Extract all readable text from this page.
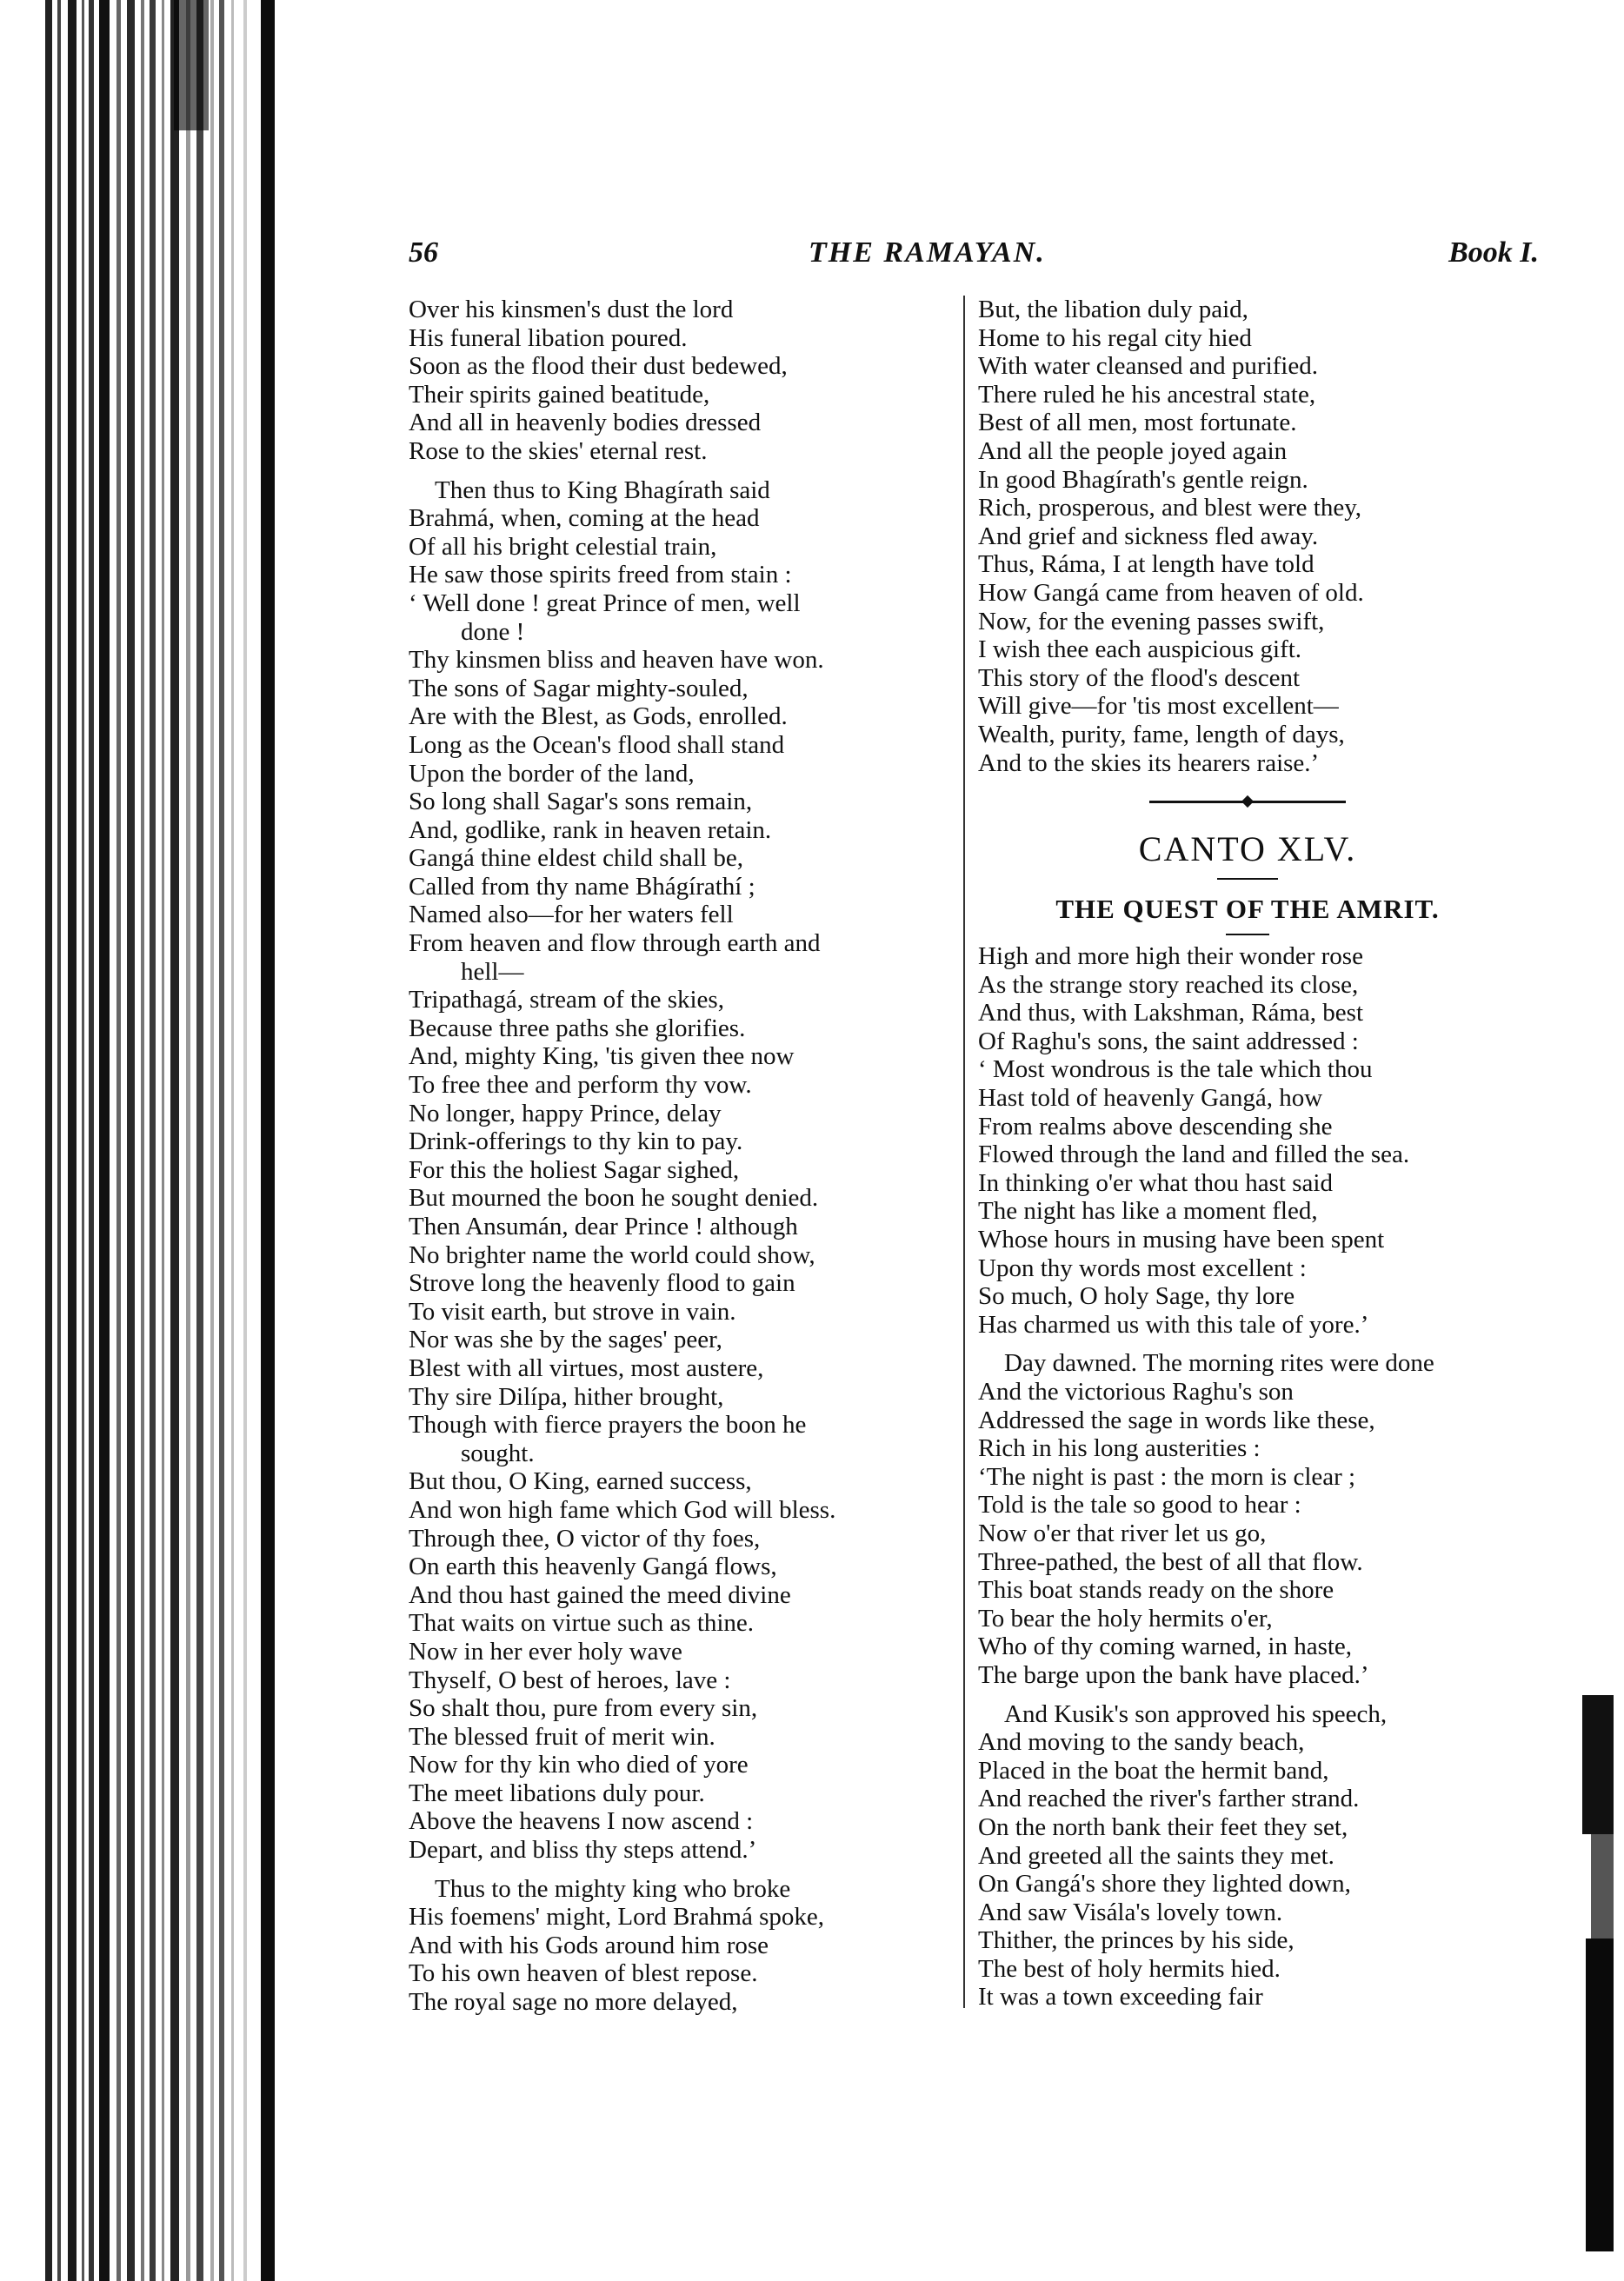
56	THE RAMAYAN.	Book I.
Over his kinsmen's dust the lord
His funeral libation poured.
Soon as the flood their dust bedewed,
Their spirits gained beatitude,
And all in heavenly bodies dressed
Rose to the skies' eternal rest.
Then thus to King Bhagírath said
Brahmá, when, coming at the head
Of all his bright celestial train,
He saw those spirits freed from stain :
‘ Well done ! great Prince of men, well
done !
Thy kinsmen bliss and heaven have won.
The sons of Sagar mighty-souled,
Are with the Blest, as Gods, enrolled.
Long as the Ocean's flood shall stand
Upon the border of the land,
So long shall Sagar's sons remain,
And, godlike, rank in heaven retain.
Gangá thine eldest child shall be,
Called from thy name Bhágírathí ;
Named also—for her waters fell
From heaven and flow through earth and
hell—
Tripathagá, stream of the skies,
Because three paths she glorifies.
And, mighty King, 'tis given thee now
To free thee and perform thy vow.
No longer, happy Prince, delay
Drink-offerings to thy kin to pay.
For this the holiest Sagar sighed,
But mourned the boon he sought denied.
Then Ansumán, dear Prince ! although
No brighter name the world could show,
Strove long the heavenly flood to gain
To visit earth, but strove in vain.
Nor was she by the sages' peer,
Blest with all virtues, most austere,
Thy sire Dilípa, hither brought,
Though with fierce prayers the boon he
sought.
But thou, O King, earned success,
And won high fame which God will bless.
Through thee, O victor of thy foes,
On earth this heavenly Gangá flows,
And thou hast gained the meed divine
That waits on virtue such as thine.
Now in her ever holy wave
Thyself, O best of heroes, lave :
So shalt thou, pure from every sin,
The blessed fruit of merit win.
Now for thy kin who died of yore
The meet libations duly pour.
Above the heavens I now ascend :
Depart, and bliss thy steps attend.’
Thus to the mighty king who broke
His foemens' might, Lord Brahmá spoke,
And with his Gods around him rose
To his own heaven of blest repose.
The royal sage no more delayed,
But, the libation duly paid,
Home to his regal city hied
With water cleansed and purified.
There ruled he his ancestral state,
Best of all men, most fortunate.
And all the people joyed again
In good Bhagírath's gentle reign.
Rich, prosperous, and blest were they,
And grief and sickness fled away.
Thus, Ráma, I at length have told
How Gangá came from heaven of old.
Now, for the evening passes swift,
I wish thee each auspicious gift.
This story of the flood's descent
Will give—for 'tis most excellent—
Wealth, purity, fame, length of days,
And to the skies its hearers raise.’
CANTO XLV.
THE QUEST OF THE AMRIT.
High and more high their wonder rose
As the strange story reached its close,
And thus, with Lakshman, Ráma, best
Of Raghu's sons, the saint addressed :
‘ Most wondrous is the tale which thou
Hast told of heavenly Gangá, how
From realms above descending she
Flowed through the land and filled the sea.
In thinking o'er what thou hast said
The night has like a moment fled,
Whose hours in musing have been spent
Upon thy words most excellent :
So much, O holy Sage, thy lore
Has charmed us with this tale of yore.’
Day dawned. The morning rites were done
And the victorious Raghu's son
Addressed the sage in words like these,
Rich in his long austerities :
‘The night is past : the morn is clear ;
Told is the tale so good to hear :
Now o'er that river let us go,
Three-pathed, the best of all that flow.
This boat stands ready on the shore
To bear the holy hermits o'er,
Who of thy coming warned, in haste,
The barge upon the bank have placed.’
And Kusik's son approved his speech,
And moving to the sandy beach,
Placed in the boat the hermit band,
And reached the river's farther strand.
On the north bank their feet they set,
And greeted all the saints they met.
On Gangá's shore they lighted down,
And saw Visála's lovely town.
Thither, the princes by his side,
The best of holy hermits hied.
It was a town exceeding fair
